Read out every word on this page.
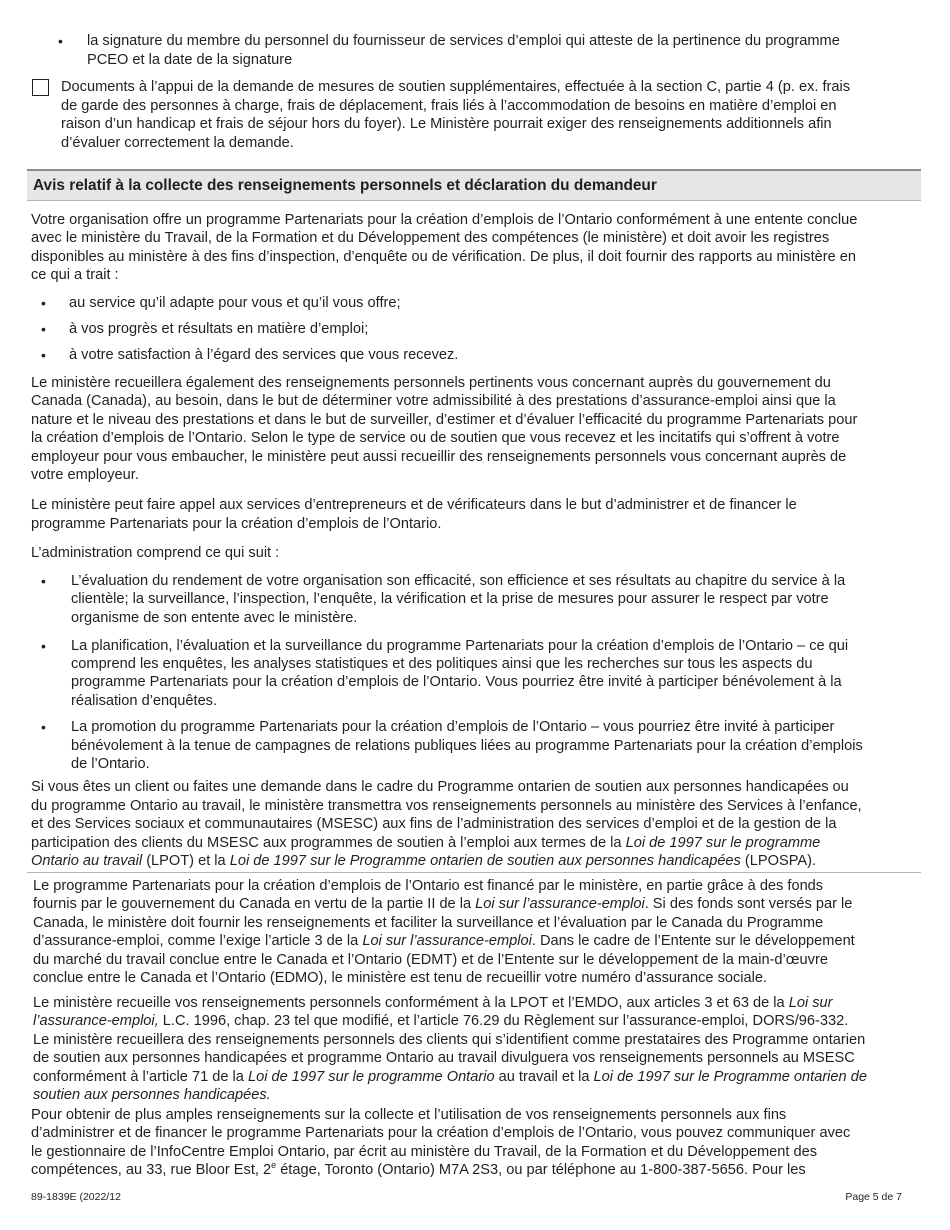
• la signature du membre du personnel du fournisseur de services d’emploi qui atteste de la pertinence du programme

PCEO et la date de la signature

Documents à l’appui de la demande de mesures de soutien supplémentaires, effectuée à la section C, partie 4 (p. ex. frais

de garde des personnes à charge, frais de déplacement, frais liés à l’accommodation de besoins en matière d’emploi en

raison d’un handicap et frais de séjour hors du foyer). Le Ministère pourrait exiger des renseignements additionnels afin

d’évaluer correctement la demande.

Avis relatif à la collecte des renseignements personnels et déclaration du demandeur

Votre organisation offre un programme Partenariats pour la création d’emplois de l’Ontario conformément à une entente conclue

avec le ministère du Travail, de la Formation et du Développement des compétences (le ministère) et doit avoir les registres

disponibles au ministère à des fins d’inspection, d’enquête ou de vérification. De plus, il doit fournir des rapports au ministère en

ce qui a trait :

• au service qu’il adapte pour vous et qu’il vous offre;

• à vos progrès et résultats en matière d’emploi;

• à votre satisfaction à l’égard des services que vous recevez.

Le ministère recueillera également des renseignements personnels pertinents vous concernant auprès du gouvernement du

Canada (Canada), au besoin, dans le but de déterminer votre admissibilité à des prestations d’assurance-emploi ainsi que la

nature et le niveau des prestations et dans le but de surveiller, d’estimer et d’évaluer l’efficacité du programme Partenariats pour

la création d’emplois de l’Ontario. Selon le type de service ou de soutien que vous recevez et les incitatifs qui s’offrent à votre

employeur pour vous embaucher, le ministère peut aussi recueillir des renseignements personnels vous concernant auprès de

votre employeur.

Le ministère peut faire appel aux services d’entrepreneurs et de vérificateurs dans le but d’administrer et de financer le

programme Partenariats pour la création d’emplois de l’Ontario.

L’administration comprend ce qui suit :

• L’évaluation du rendement de votre organisation son efficacité, son efficience et ses résultats au chapitre du service à la

clientèle; la surveillance, l’inspection, l’enquête, la vérification et la prise de mesures pour assurer le respect par votre

organisme de son entente avec le ministère.

• La planification, l’évaluation et la surveillance du programme Partenariats pour la création d’emplois de l’Ontario – ce qui

comprend les enquêtes, les analyses statistiques et des politiques ainsi que les recherches sur tous les aspects du

programme Partenariats pour la création d’emplois de l’Ontario. Vous pourriez être invité à participer bénévolement à la

réalisation d’enquêtes.

• La promotion du programme Partenariats pour la création d’emplois de l’Ontario – vous pourriez être invité à participer

bénévolement à la tenue de campagnes de relations publiques liées au programme Partenariats pour la création d’emplois

de l’Ontario.

Si vous êtes un client ou faites une demande dans le cadre du Programme ontarien de soutien aux personnes handicapées ou

du programme Ontario au travail, le ministère transmettra vos renseignements personnels au ministère des Services à l’enfance,

et des Services sociaux et communautaires (MSESC) aux fins de l’administration des services d’emploi et de la gestion de la

participation des clients du MSESC aux programmes de soutien à l’emploi aux termes de la Loi de 1997 sur le programme

Ontario au travail (LPOT) et la Loi de 1997 sur le Programme ontarien de soutien aux personnes handicapées (LPOSPA).

Le programme Partenariats pour la création d’emplois de l’Ontario est financé par le ministère, en partie grâce à des fonds

fournis par le gouvernement du Canada en vertu de la partie II de la Loi sur l’assurance-emploi. Si des fonds sont versés par le

Canada, le ministère doit fournir les renseignements et faciliter la surveillance et l’évaluation par le Canada du Programme

d’assurance-emploi, comme l’exige l’article 3 de la Loi sur l’assurance-emploi. Dans le cadre de l’Entente sur le développement

du marché du travail conclue entre le Canada et l’Ontario (EDMT) et de l’Entente sur le développement de la main-d’œuvre

conclue entre le Canada et l’Ontario (EDMO), le ministère est tenu de recueillir votre numéro d’assurance sociale.

Le ministère recueille vos renseignements personnels conformément à la LPOT et l’EMDO, aux articles 3 et 63 de la Loi sur

l’assurance-emploi, L.C. 1996, chap. 23 tel que modifié, et l’article 76.29 du Règlement sur l’assurance-emploi, DORS/96-332.

Le ministère recueillera des renseignements personnels des clients qui s’identifient comme prestataires des Programme ontarien

de soutien aux personnes handicapées et programme Ontario au travail divulguera vos renseignements personnels au MSESC

conformément à l’article 71 de la Loi de 1997 sur le programme Ontario au travail et la Loi de 1997 sur le Programme ontarien de

soutien aux personnes handicapées.

Pour obtenir de plus amples renseignements sur la collecte et l’utilisation de vos renseignements personnels aux fins

d’administrer et de financer le programme Partenariats pour la création d’emplois de l’Ontario, vous pouvez communiquer avec

le gestionnaire de l’InfoCentre Emploi Ontario, par écrit au ministère du Travail, de la Formation et du Développement des

compétences, au 33, rue Bloor Est, 2e étage, Toronto (Ontario) M7A 2S3, ou par téléphone au 1-800-387-5656. Pour les

89-1839E (2022/12	Page 5 de 7
